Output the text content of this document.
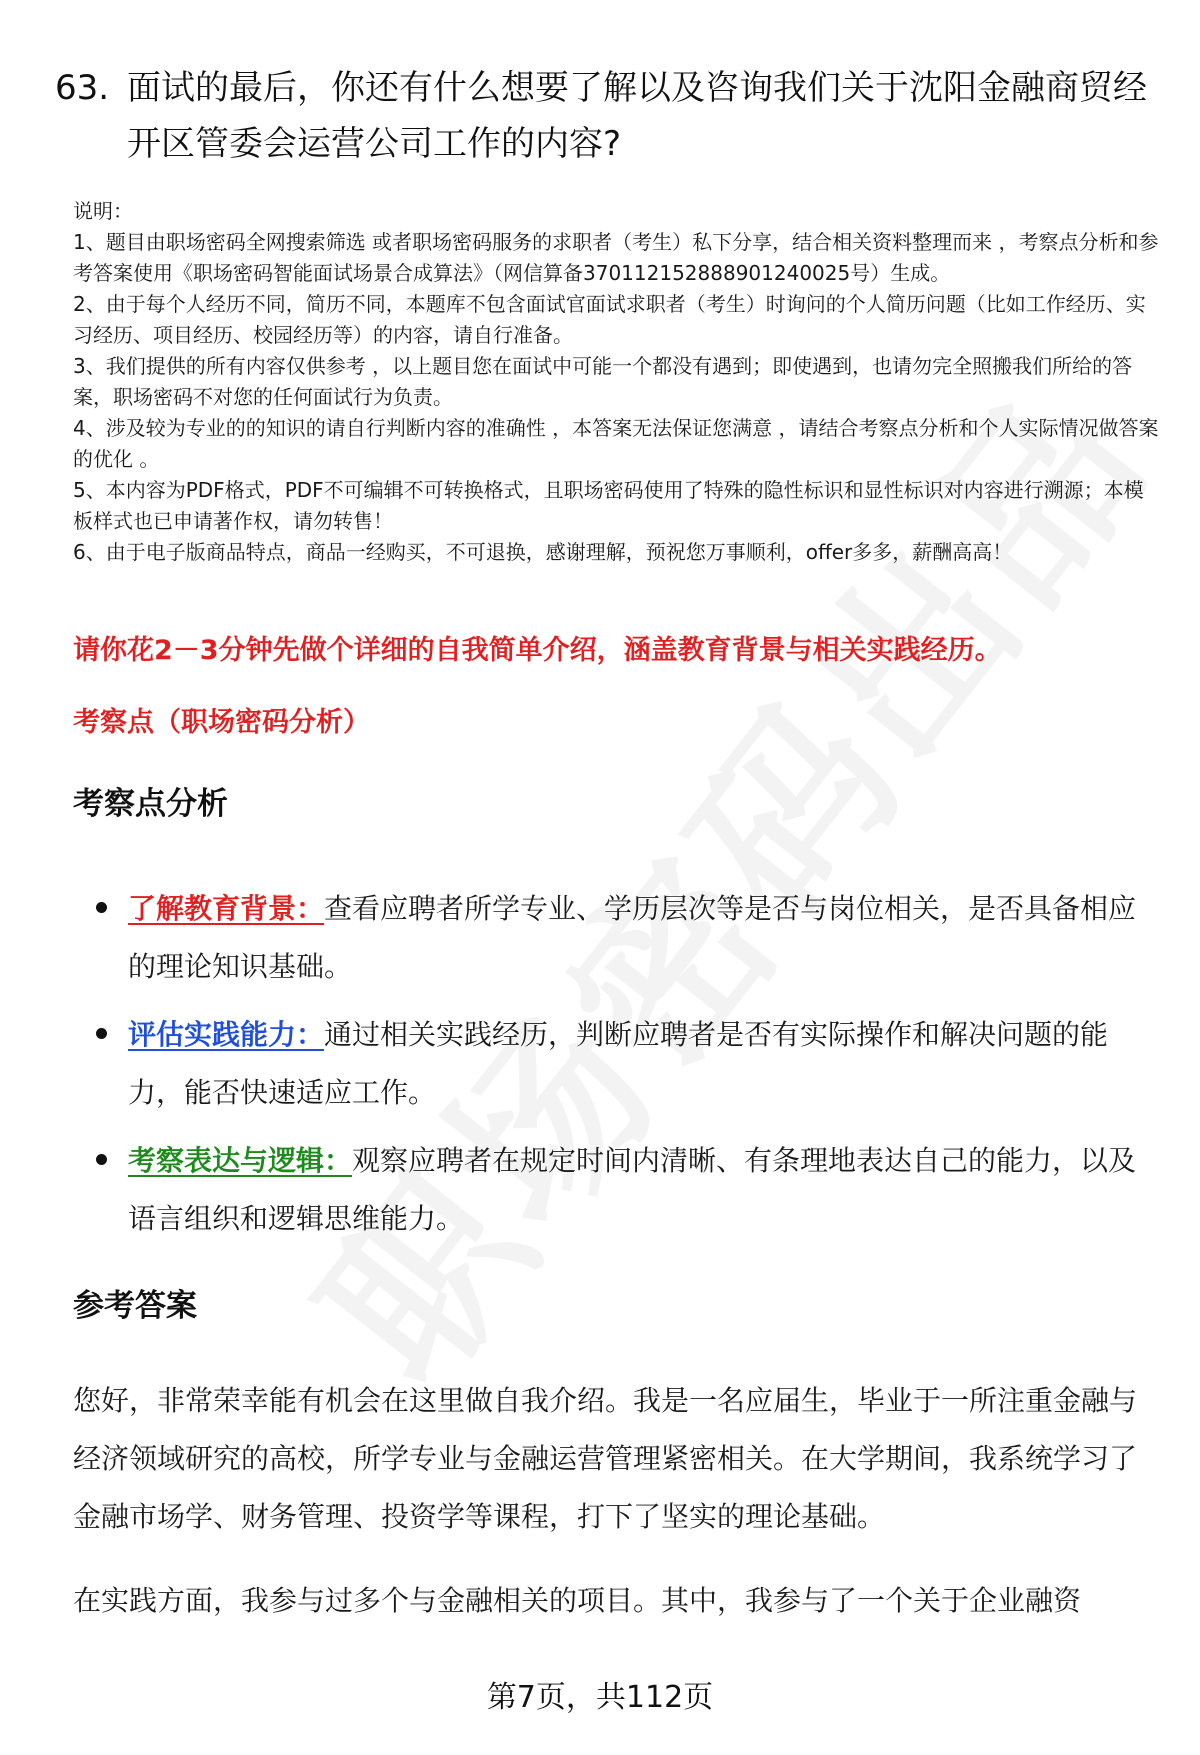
63. 面试的最后，你还有什么想要了解以及咨询我们关于沈阳金融商贸经开区管委会运营公司工作的内容?

说明：

1、题目由职场密码全网搜索筛选 或者职场密码服务的求职者（考生）私下分享，结合相关资料整理而来 ，考察点分析和参考答案使用《职场密码智能面试场景合成算法》（网信算备370112152888901240025号）生成。

2、由于每个人经历不同，简历不同，本题库不包含面试官面试求职者（考生）时询问的个人简历问题（比如工作经历、实习经历、项目经历、校园经历等）的内容，请自行准备。

3、我们提供的所有内容仅供参考 ，以上题目您在面试中可能一个都没有遇到；即使遇到，也请勿完全照搬我们所给的答案，职场密码不对您的任何面试行为负责。

4、涉及较为专业的的知识的请自行判断内容的准确性 ，本答案无法保证您满意 ，请结合考察点分析和个人实际情况做答案的优化 。

5、本内容为PDF格式，PDF不可编辑不可转换格式，且职场密码使用了特殊的隐性标识和显性标识对内容进行溯源；本模板样式也已申请著作权，请勿转售！

6、由于电子版商品特点，商品一经购买，不可退换，感谢理解，预祝您万事顺利，offer多多，薪酬高高！

请你花2－3分钟先做个详细的自我简单介绍，涵盖教育背景与相关实践经历。
考察点（职场密码分析）
考察点分析
了解教育背景：查看应聘者所学专业、学历层次等是否与岗位相关，是否具备相应的理论知识基础。
评估实践能力：通过相关实践经历，判断应聘者是否有实际操作和解决问题的能力，能否快速适应工作。
考察表达与逻辑：观察应聘者在规定时间内清晰、有条理地表达自己的能力，以及语言组织和逻辑思维能力。
参考答案

您好，非常荣幸能有机会在这里做自我介绍。我是一名应届生，毕业于一所注重金融与经济领域研究的高校，所学专业与金融运营管理紧密相关。在大学期间，我系统学习了金融市场学、财务管理、投资学等课程，打下了坚实的理论基础。

在实践方面，我参与过多个与金融相关的项目。其中，我参与了一个关于企业融资

第7页，共112页
